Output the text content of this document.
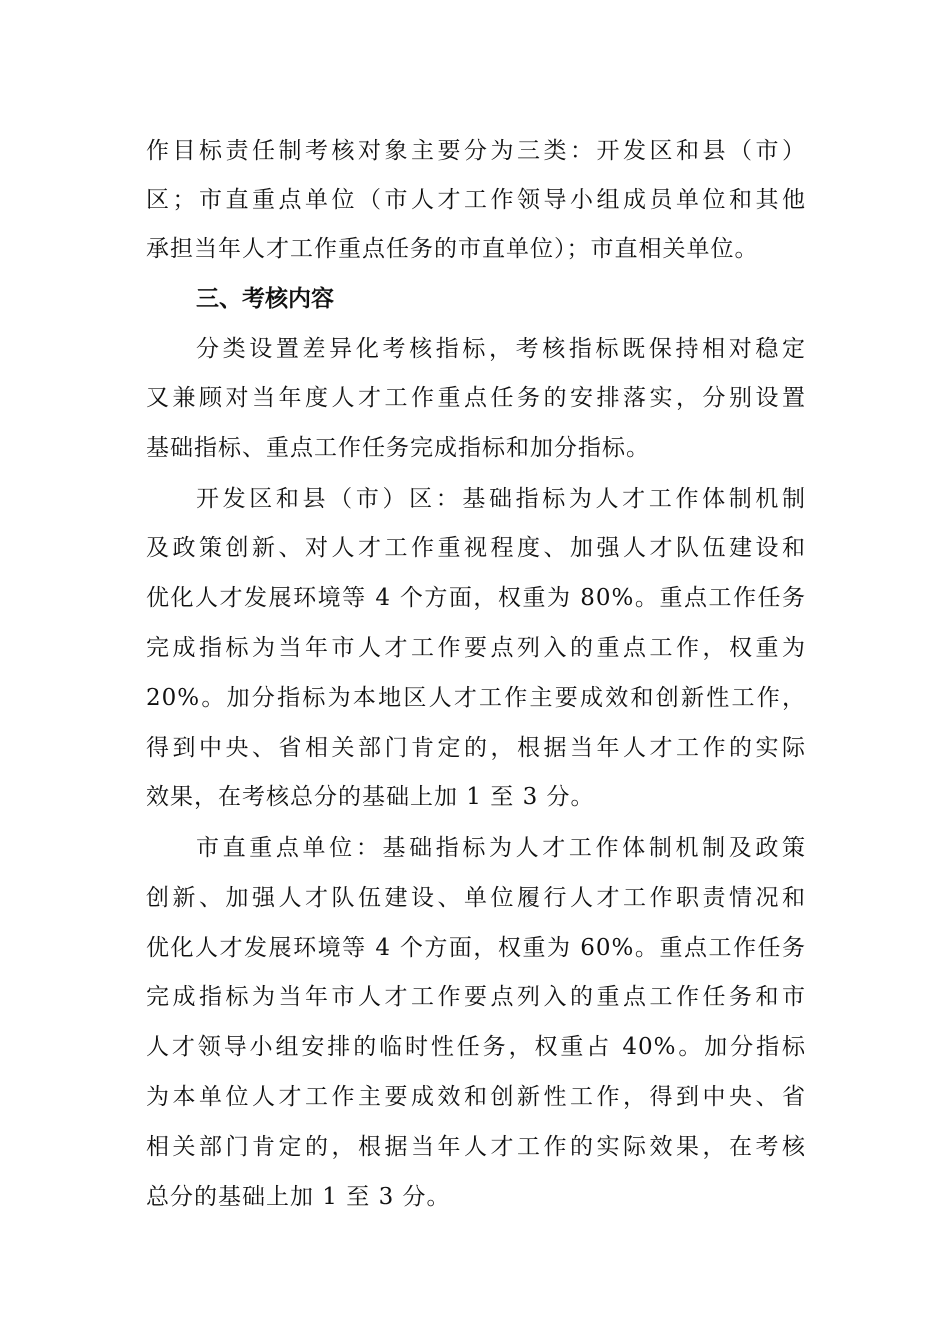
作目标责任制考核对象主要分为三类：开发区和县（市）
区；市直重点单位（市人才工作领导小组成员单位和其他
承担当年人才工作重点任务的市直单位）；市直相关单位。
三、考核内容
分类设置差异化考核指标，考核指标既保持相对稳定
又兼顾对当年度人才工作重点任务的安排落实，分别设置
基础指标、重点工作任务完成指标和加分指标。
开发区和县（市）区：基础指标为人才工作体制机制
及政策创新、对人才工作重视程度、加强人才队伍建设和
优化人才发展环境等 4 个方面，权重为 80%。重点工作任务
完成指标为当年市人才工作要点列入的重点工作，权重为
20%。加分指标为本地区人才工作主要成效和创新性工作，
得到中央、省相关部门肯定的，根据当年人才工作的实际
效果，在考核总分的基础上加 1 至 3 分。
市直重点单位：基础指标为人才工作体制机制及政策
创新、加强人才队伍建设、单位履行人才工作职责情况和
优化人才发展环境等 4 个方面，权重为 60%。重点工作任务
完成指标为当年市人才工作要点列入的重点工作任务和市
人才领导小组安排的临时性任务，权重占 40%。加分指标
为本单位人才工作主要成效和创新性工作，得到中央、省
相关部门肯定的，根据当年人才工作的实际效果，在考核
总分的基础上加 1 至 3 分。
